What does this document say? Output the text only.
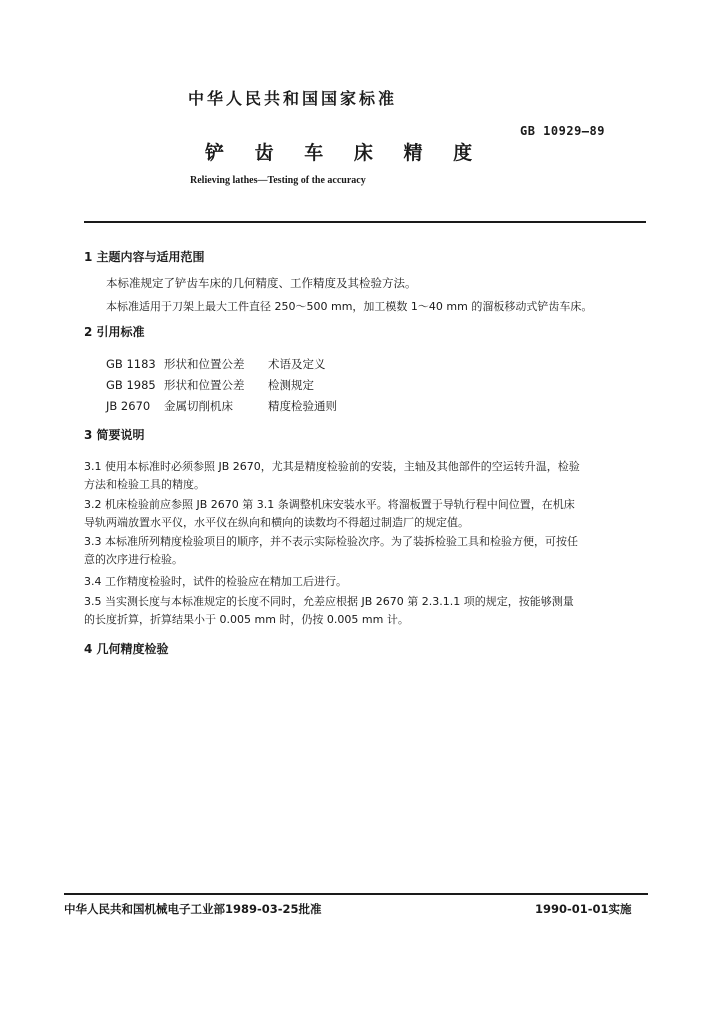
中华人民共和国国家标准
GB 10929—89
铲 齿 车 床 精 度
Relieving lathes—Testing of the accuracy
1 主题内容与适用范围
本标准规定了铲齿车床的几何精度、工作精度及其检验方法。
本标准适用于刀架上最大工件直径 250～500 mm，加工模数 1～40 mm 的溜板移动式铲齿车床。
2 引用标准
GB 1183 形状和位置公差 术语及定义
GB 1985 形状和位置公差 检测规定
JB 2670 金属切削机床	精度检验通则
3 简要说明
3.1 使用本标准时必须参照 JB 2670，尤其是精度检验前的安装，主轴及其他部件的空运转升温，检验
方法和检验工具的精度。
3.2 机床检验前应参照 JB 2670 第 3.1 条调整机床安装水平。将溜板置于导轨行程中间位置，在机床
导轨两端放置水平仪，水平仪在纵向和横向的读数均不得超过制造厂的规定值。
3.3 本标准所列精度检验项目的顺序，并不表示实际检验次序。为了装拆检验工具和检验方便，可按任
意的次序进行检验。
3.4 工作精度检验时，试件的检验应在精加工后进行。
3.5 当实测长度与本标准规定的长度不同时，允差应根据 JB 2670 第 2.3.1.1 项的规定，按能够测量
的长度折算，折算结果小于 0.005 mm 时，仍按 0.005 mm 计。
4 几何精度检验
中华人民共和国机械电子工业部1989-03-25批准	1990-01-01实施
